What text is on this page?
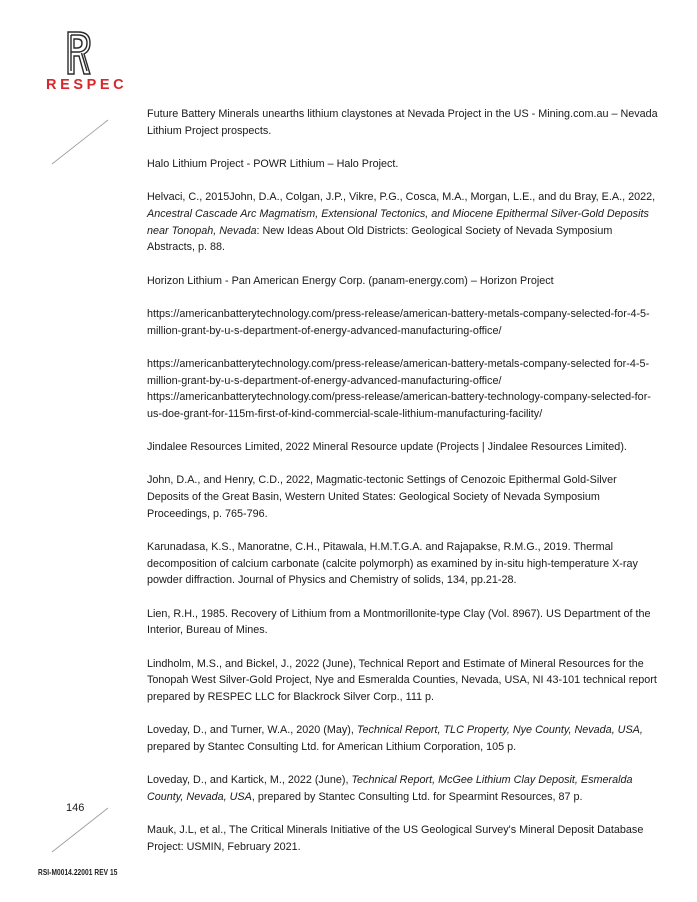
RESPEC
146
RSI-M0014.22001 REV 15

Future Battery Minerals unearths lithium claystones at Nevada Project in the US - Mining.com.au – Nevada Lithium Project prospects.

Halo Lithium Project - POWR Lithium – Halo Project.

Helvaci, C., 2015John, D.A., Colgan, J.P., Vikre, P.G., Cosca, M.A., Morgan, L.E., and du Bray, E.A., 2022, Ancestral Cascade Arc Magmatism, Extensional Tectonics, and Miocene Epithermal Silver-Gold Deposits near Tonopah, Nevada: New Ideas About Old Districts: Geological Society of Nevada Symposium Abstracts, p. 88.

Horizon Lithium - Pan American Energy Corp. (panam-energy.com) – Horizon Project

https://americanbatterytechnology.com/press-release/american-battery-metals-company-selected-for-4-5-million-grant-by-u-s-department-of-energy-advanced-manufacturing-office/

https://americanbatterytechnology.com/press-release/american-battery-metals-company-selected for-4-5-million-grant-by-u-s-department-of-energy-advanced-manufacturing-office/
https://americanbatterytechnology.com/press-release/american-battery-technology-company-selected-for-us-doe-grant-for-115m-first-of-kind-commercial-scale-lithium-manufacturing-facility/

Jindalee Resources Limited, 2022 Mineral Resource update (Projects | Jindalee Resources Limited).

John, D.A., and Henry, C.D., 2022, Magmatic-tectonic Settings of Cenozoic Epithermal Gold-Silver Deposits of the Great Basin, Western United States: Geological Society of Nevada Symposium Proceedings, p. 765-796.

Karunadasa, K.S., Manoratne, C.H., Pitawala, H.M.T.G.A. and Rajapakse, R.M.G., 2019. Thermal decomposition of calcium carbonate (calcite polymorph) as examined by in-situ high-temperature X-ray powder diffraction. Journal of Physics and Chemistry of solids, 134, pp.21-28.

Lien, R.H., 1985. Recovery of Lithium from a Montmorillonite-type Clay (Vol. 8967). US Department of the Interior, Bureau of Mines.

Lindholm, M.S., and Bickel, J., 2022 (June), Technical Report and Estimate of Mineral Resources for the Tonopah West Silver-Gold Project, Nye and Esmeralda Counties, Nevada, USA, NI 43-101 technical report prepared by RESPEC LLC for Blackrock Silver Corp., 111 p.

Loveday, D., and Turner, W.A., 2020 (May), Technical Report, TLC Property, Nye County, Nevada, USA, prepared by Stantec Consulting Ltd. for American Lithium Corporation, 105 p.

Loveday, D., and Kartick, M., 2022 (June), Technical Report, McGee Lithium Clay Deposit, Esmeralda County, Nevada, USA, prepared by Stantec Consulting Ltd. for Spearmint Resources, 87 p.

Mauk, J.L, et al., The Critical Minerals Initiative of the US Geological Survey's Mineral Deposit Database Project: USMIN, February 2021.
